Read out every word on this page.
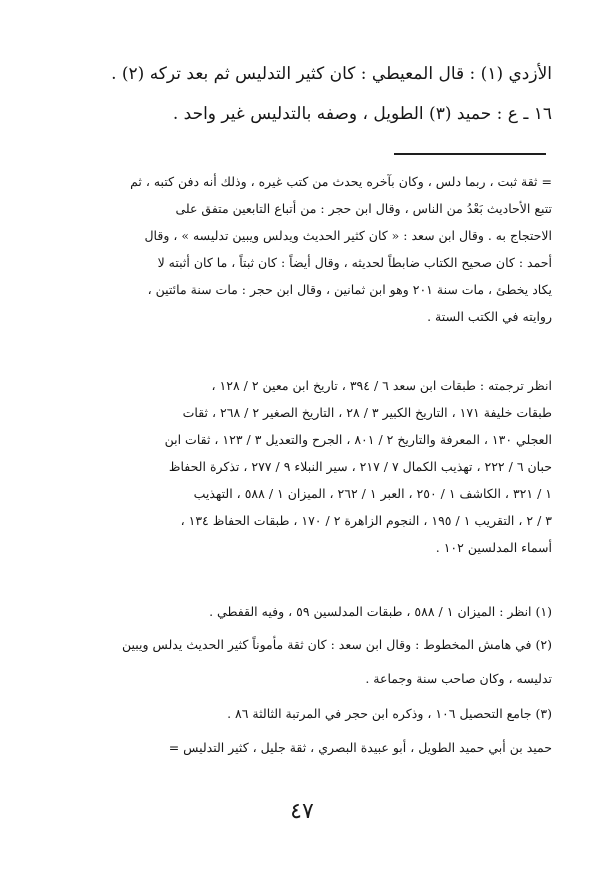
الأزدي (١) : قال المعيطي : كان كثير التدليس ثم بعد تركه (٢) .
١٦ ـ ع : حميد (٣) الطويل ، وصفه بالتدليس غير واحد .
= ثقة ثبت ، ربما دلس ، وكان بآخره يحدث من كتب غيره ، وذلك أنه دفن كتبه ، ثم
تتبع الأحاديث بَعْدُ من الناس ، وقال ابن حجر : من أتباع التابعين متفق على
الاحتجاج به . وقال ابن سعد : « كان كثير الحديث ويدلس ويبين تدليسه » ، وقال
أحمد : كان صحيح الكتاب ضابطاً لحديثه ، وقال أيضاً : كان ثبتاً ، ما كان أثبته لا
يكاد يخطئ ، مات سنة ٢٠١ وهو ابن ثمانين ، وقال ابن حجر : مات سنة مائتين ،
روايته في الكتب الستة .
انظر ترجمته : طبقات ابن سعد ٦ / ٣٩٤ ، تاريخ ابن معين ٢ / ١٢٨ ،
طبقات خليفة ١٧١ ، التاريخ الكبير ٣ / ٢٨ ، التاريخ الصغير ٢ / ٢٦٨ ، ثقات
العجلي ١٣٠ ، المعرفة والتاريخ ٢ / ٨٠١ ، الجرح والتعديل ٣ / ١٢٣ ، ثقات ابن
حبان ٦ / ٢٢٢ ، تهذيب الكمال ٧ / ٢١٧ ، سير النبلاء ٩ / ٢٧٧ ، تذكرة الحفاظ
١ / ٣٢١ ، الكاشف ١ / ٢٥٠ ، العبر ١ / ٢٦٢ ، الميزان ١ / ٥٨٨ ، التهذيب
٣ / ٢ ، التقريب ١ / ١٩٥ ، النجوم الزاهرة ٢ / ١٧٠ ، طبقات الحفاظ ١٣٤ ،
أسماء المدلسين ١٠٢ .
(١) انظر : الميزان ١ / ٥٨٨ ، طبقات المدلسين ٥٩ ، وفيه القفطي .
(٢) في هامش المخطوط : وقال ابن سعد : كان ثقة مأموناً كثير الحديث يدلس ويبين
تدليسه ، وكان صاحب سنة وجماعة .
(٣) جامع التحصيل ١٠٦ ، وذكره ابن حجر في المرتبة الثالثة ٨٦ .
حميد بن أبي حميد الطويل ، أبو عبيدة البصري ، ثقة جليل ، كثير التدليس =
٤٧
